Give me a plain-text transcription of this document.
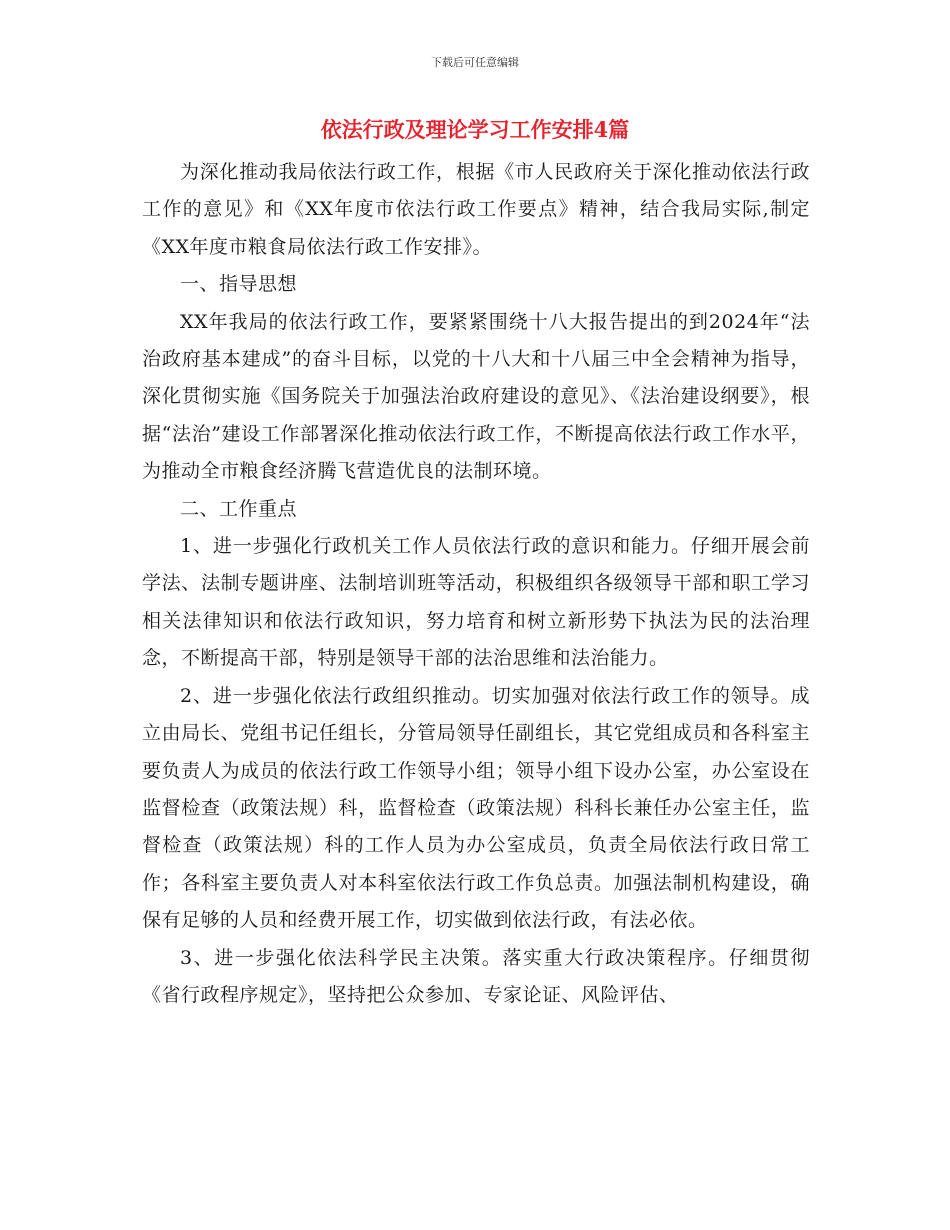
下载后可任意编辑
依法行政及理论学习工作安排4篇

为深化推动我局依法行政工作，根据《市人民政府关于深化推动依法行政工作的意见》和《XX年度市依法行政工作要点》精神，结合我局实际,制定《XX年度市粮食局依法行政工作安排》。

一、指导思想

XX年我局的依法行政工作，要紧紧围绕十八大报告提出的到2024年“法治政府基本建成”的奋斗目标，以党的十八大和十八届三中全会精神为指导，深化贯彻实施《国务院关于加强法治政府建设的意见》、《法治建设纲要》，根据“法治”建设工作部署深化推动依法行政工作，不断提高依法行政工作水平，为推动全市粮食经济腾飞营造优良的法制环境。

二、工作重点

1、进一步强化行政机关工作人员依法行政的意识和能力。仔细开展会前学法、法制专题讲座、法制培训班等活动，积极组织各级领导干部和职工学习相关法律知识和依法行政知识，努力培育和树立新形势下执法为民的法治理念，不断提高干部，特别是领导干部的法治思维和法治能力。

2、进一步强化依法行政组织推动。切实加强对依法行政工作的领导。成立由局长、党组书记任组长，分管局领导任副组长，其它党组成员和各科室主要负责人为成员的依法行政工作领导小组；领导小组下设办公室，办公室设在监督检查（政策法规）科，监督检查（政策法规）科科长兼任办公室主任，监督检查（政策法规）科的工作人员为办公室成员，负责全局依法行政日常工作；各科室主要负责人对本科室依法行政工作负总责。加强法制机构建设，确保有足够的人员和经费开展工作，切实做到依法行政，有法必依。

3、进一步强化依法科学民主决策。落实重大行政决策程序。仔细贯彻《省行政程序规定》，坚持把公众参加、专家论证、风险评估、
